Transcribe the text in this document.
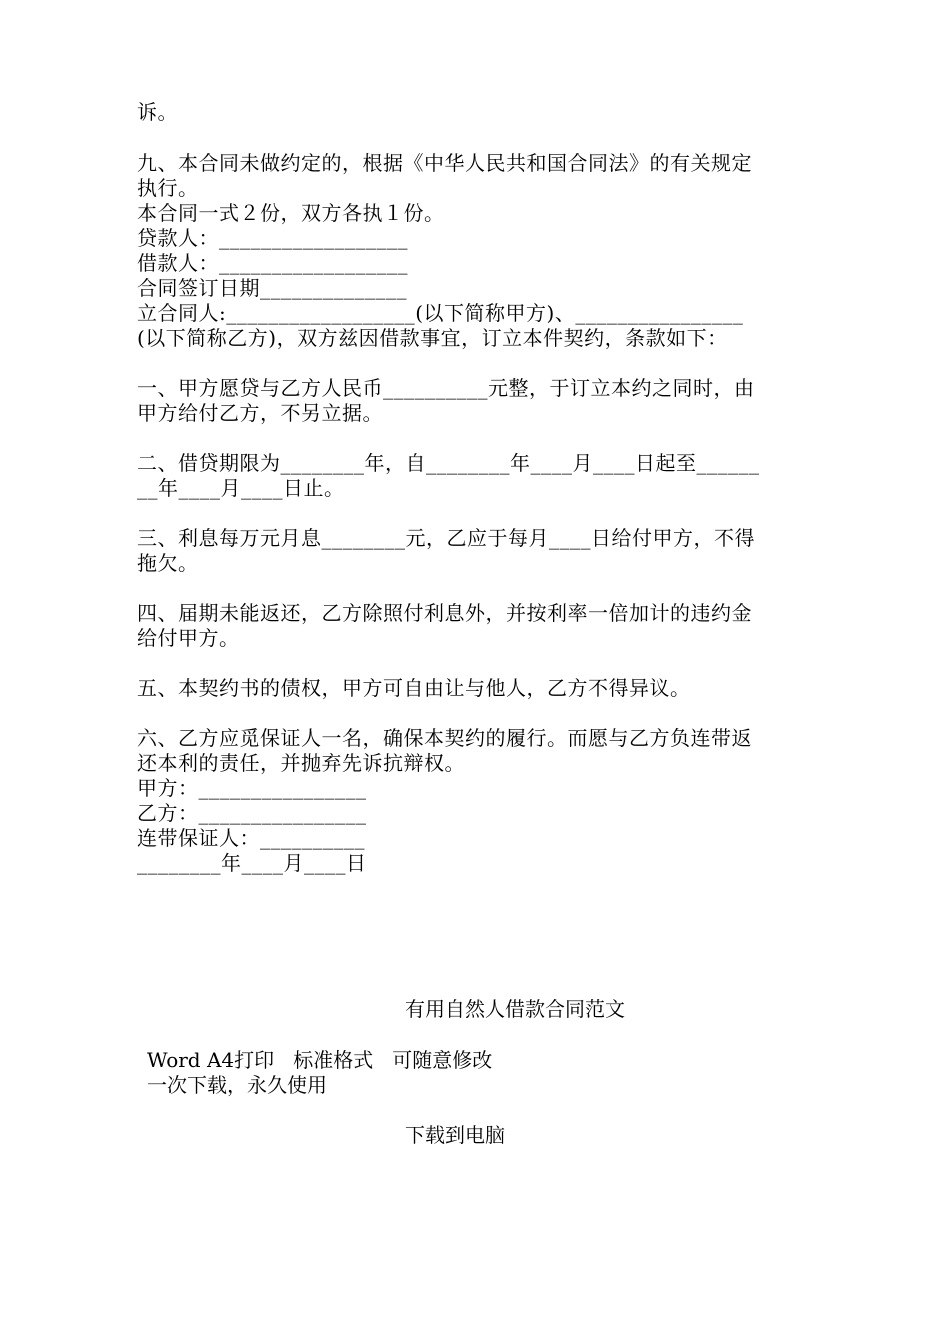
诉。
九、本合同未做约定的，根据《中华人民共和国合同法》的有关规定
执行。
本合同一式２份，双方各执１份。
贷款人：__________________
借款人：__________________
合同签订日期______________
立合同人:__________________(以下简称甲方)、________________
(以下简称乙方)，双方兹因借款事宜，订立本件契约，条款如下：
一、甲方愿贷与乙方人民币__________元整，于订立本约之同时，由
甲方给付乙方，不另立据。
二、借贷期限为________年，自________年____月____日起至______
__年____月____日止。
三、利息每万元月息________元，乙应于每月____日给付甲方，不得
拖欠。
四、届期未能返还，乙方除照付利息外，并按利率一倍加计的违约金
给付甲方。
五、本契约书的债权，甲方可自由让与他人，乙方不得异议。
六、乙方应觅保证人一名，确保本契约的履行。而愿与乙方负连带返
还本利的责任，并抛弃先诉抗辩权。
甲方：________________
乙方：________________
连带保证人：__________
________年____月____日
有用自然人借款合同范文
Word A4打印   标准格式   可随意修改
一次下载，永久使用
下载到电脑
